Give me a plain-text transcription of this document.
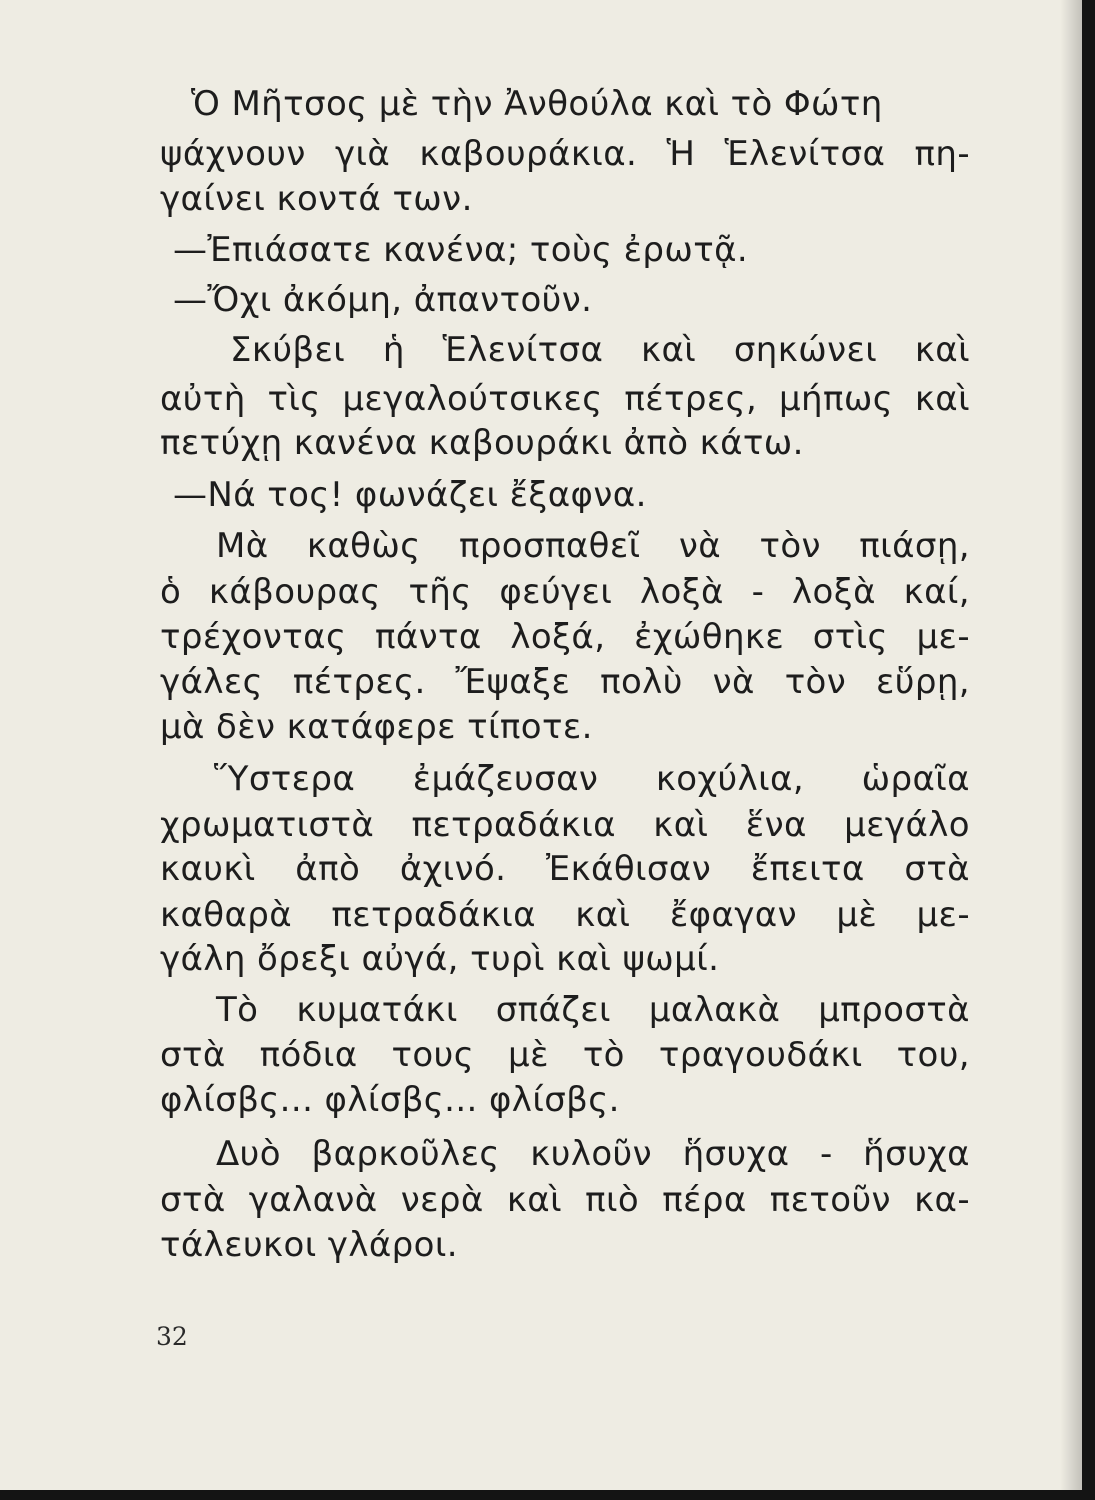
Ὁ Μῆτσος μὲ τὴν Ἀνθούλα καὶ τὸ Φώτη
ψάχνουν γιὰ καβουράκια. Ἡ Ἑλενίτσα πη-
γαίνει κοντά των.
—Ἐπιάσατε κανένα; τοὺς ἐρωτᾷ.
—Ὄχι ἀκόμη, ἀπαντοῦν.
Σκύβει ἡ Ἑλενίτσα καὶ σηκώνει καὶ
αὐτὴ τὶς μεγαλούτσικες πέτρες, μήπως καὶ
πετύχῃ κανένα καβουράκι ἀπὸ κάτω.
—Νά τος! φωνάζει ἔξαφνα.
Μὰ καθὼς προσπαθεῖ νὰ τὸν πιάσῃ,
ὁ κάβουρας τῆς φεύγει λοξὰ - λοξὰ καί,
τρέχοντας πάντα λοξά, ἐχώθηκε στὶς με-
γάλες πέτρες. Ἔψαξε πολὺ νὰ τὸν εὕρῃ,
μὰ δὲν κατάφερε τίποτε.
Ὕστερα ἐμάζευσαν κοχύλια, ὡραῖα
χρωματιστὰ πετραδάκια καὶ ἕνα μεγάλο
καυκὶ ἀπὸ ἀχινό. Ἐκάθισαν ἔπειτα στὰ
καθαρὰ πετραδάκια καὶ ἔφαγαν μὲ με-
γάλη ὄρεξι αὐγά, τυρὶ καὶ ψωμί.
Τὸ κυματάκι σπάζει μαλακὰ μπροστὰ
στὰ πόδια τους μὲ τὸ τραγουδάκι του,
φλίσβς... φλίσβς... φλίσβς.
Δυὸ βαρκοῦλες κυλοῦν ἥσυχα - ἥσυχα
στὰ γαλανὰ νερὰ καὶ πιὸ πέρα πετοῦν κα-
τάλευκοι γλάροι.
32
